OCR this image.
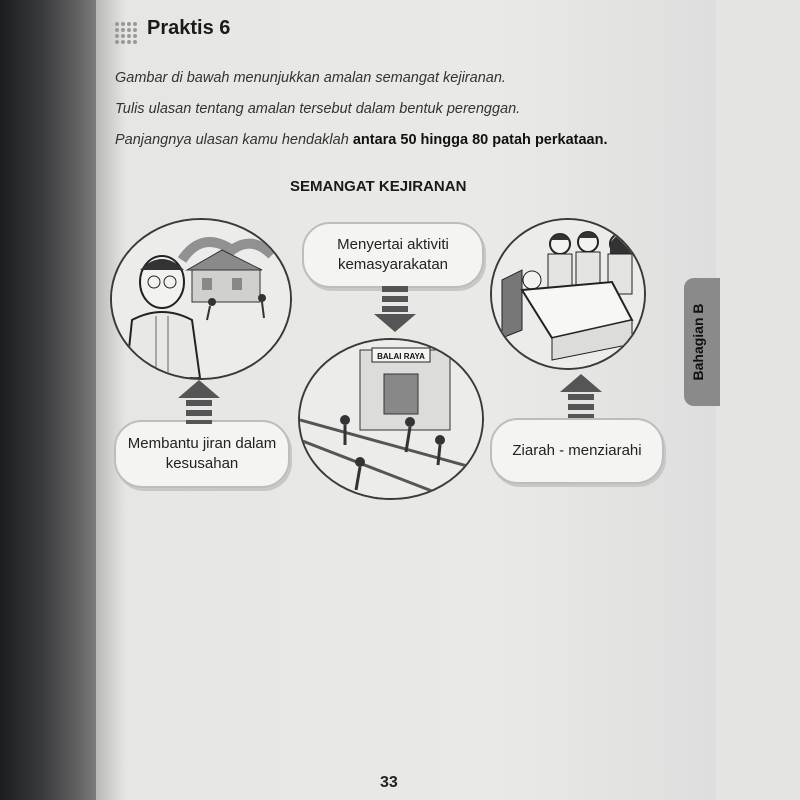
Praktis 6
Gambar di bawah menunjukkan amalan semangat kejiranan.
Tulis ulasan tentang amalan tersebut dalam bentuk perenggan.
Panjangnya ulasan kamu hendaklah antara 50 hingga 80 patah perkataan.
SEMANGAT KEJIRANAN
BALAI RAYA
Menyertai aktiviti kemasyarakatan
Membantu jiran dalam kesusahan
Ziarah - menziarahi
Bahagian B
33
